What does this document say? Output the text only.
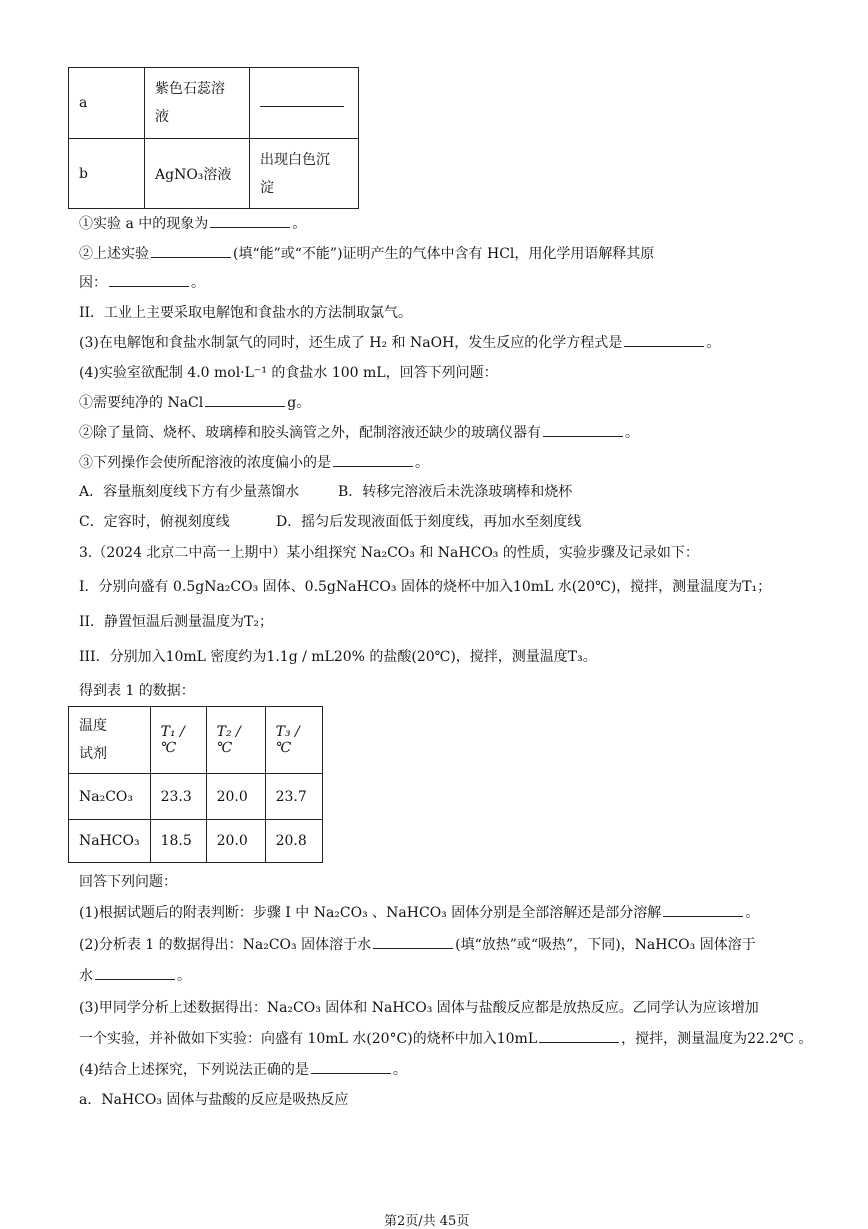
a	紫色石蕊溶
液	
b	AgNO₃溶液	出现白色沉
淀
①实验 a 中的现象为	。
②上述实验	(填“能”或“不能”)证明产生的气体中含有 HCl，用化学用语解释其原
因：	。
II．工业上主要采取电解饱和食盐水的方法制取氯气。
(3)在电解饱和食盐水制氯气的同时，还生成了 H₂ 和 NaOH，发生反应的化学方程式是	。
(4)实验室欲配制 4.0 mol·L⁻¹ 的食盐水 100 mL，回答下列问题：
①需要纯净的 NaCl	g。
②除了量筒、烧杯、玻璃棒和胶头滴管之外，配制溶液还缺少的玻璃仪器有	。
③下列操作会使所配溶液的浓度偏小的是	。
A．容量瓶刻度线下方有少量蒸馏水	B．转移完溶液后未洗涤玻璃棒和烧杯
C．定容时，俯视刻度线	D．摇匀后发现液面低于刻度线，再加水至刻度线
3.（2024 北京二中高一上期中）某小组探究 Na₂CO₃ 和 NaHCO₃ 的性质，实验步骤及记录如下：
I．分别向盛有 0.5gNa₂CO₃ 固体、0.5gNaHCO₃ 固体的烧杯中加入10mL 水(20℃)，搅拌，测量温度为T₁；
II．静置恒温后测量温度为T₂；
III．分别加入10mL 密度约为1.1g / mL20% 的盐酸(20℃)，搅拌，测量温度T₃。
得到表 1 的数据：
温度
试剂	T₁ / ℃	T₂ / ℃	T₃ / ℃
Na₂CO₃	23.3	20.0	23.7
NaHCO₃	18.5	20.0	20.8
回答下列问题：
(1)根据试题后的附表判断：步骤 I 中 Na₂CO₃ 、NaHCO₃ 固体分别是全部溶解还是部分溶解	。
(2)分析表 1 的数据得出：Na₂CO₃ 固体溶于水	(填“放热”或“吸热”，下同)，NaHCO₃ 固体溶于
水	。
(3)甲同学分析上述数据得出：Na₂CO₃ 固体和 NaHCO₃ 固体与盐酸反应都是放热反应。乙同学认为应该增加
一个实验，并补做如下实验：向盛有 10mL 水(20°C)的烧杯中加入10mL	，搅拌，测量温度为22.2℃ 。
(4)结合上述探究，下列说法正确的是	。
a．NaHCO₃ 固体与盐酸的反应是吸热反应
第2页/共 45页
